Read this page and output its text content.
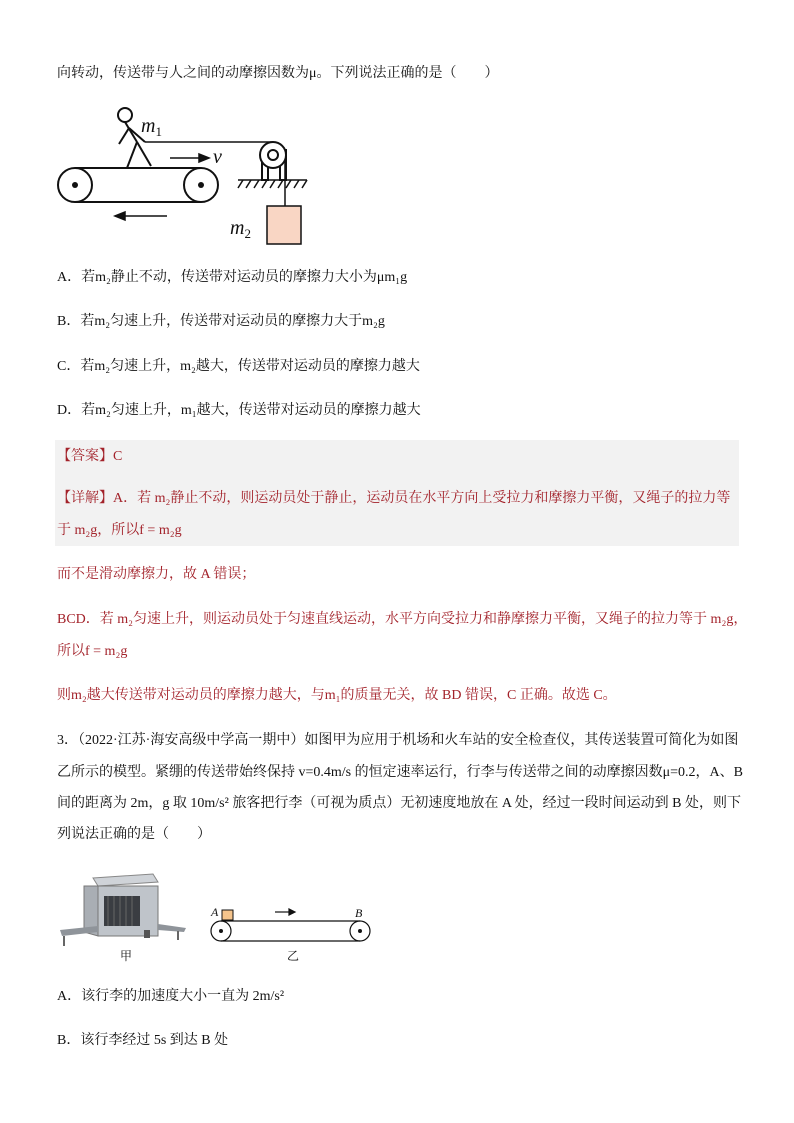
向转动，传送带与人之间的动摩擦因数为μ。下列说法正确的是（　　）
$m_1$
v
$m_2$
A．若m₂静止不动，传送带对运动员的摩擦力大小为μm₁g
B．若m₂匀速上升，传送带对运动员的摩擦力大于m₂g
C．若m₂匀速上升，m₂越大，传送带对运动员的摩擦力越大
D．若m₂匀速上升，m₁越大，传送带对运动员的摩擦力越大
【答案】C
【详解】A．若 m₂静止不动，则运动员处于静止，运动员在水平方向上受拉力和摩擦力平衡，又绳子的拉力等
于 m₂g，所以f = m₂g
而不是滑动摩擦力，故 A 错误；
BCD．若 m₂匀速上升，则运动员处于匀速直线运动，水平方向受拉力和静摩擦力平衡，又绳子的拉力等于 m₂g，
所以f = m₂g
则m₂越大传送带对运动员的摩擦力越大，与m₁的质量无关，故 BD 错误，C 正确。故选 C。
3．（2022·江苏·海安高级中学高一期中）如图甲为应用于机场和火车站的安全检查仪，其传送装置可简化为如图
乙所示的模型。紧绷的传送带始终保持 v=0.4m/s 的恒定速率运行，行李与传送带之间的动摩擦因数μ=0.2，A、B
间的距离为 2m，g 取 10m/s² 旅客把行李（可视为质点）无初速度地放在 A 处，经过一段时间运动到 B 处，则下
列说法正确的是（　　）
甲
A	B
乙
A．该行李的加速度大小一直为 2m/s²
B．该行李经过 5s 到达 B 处
